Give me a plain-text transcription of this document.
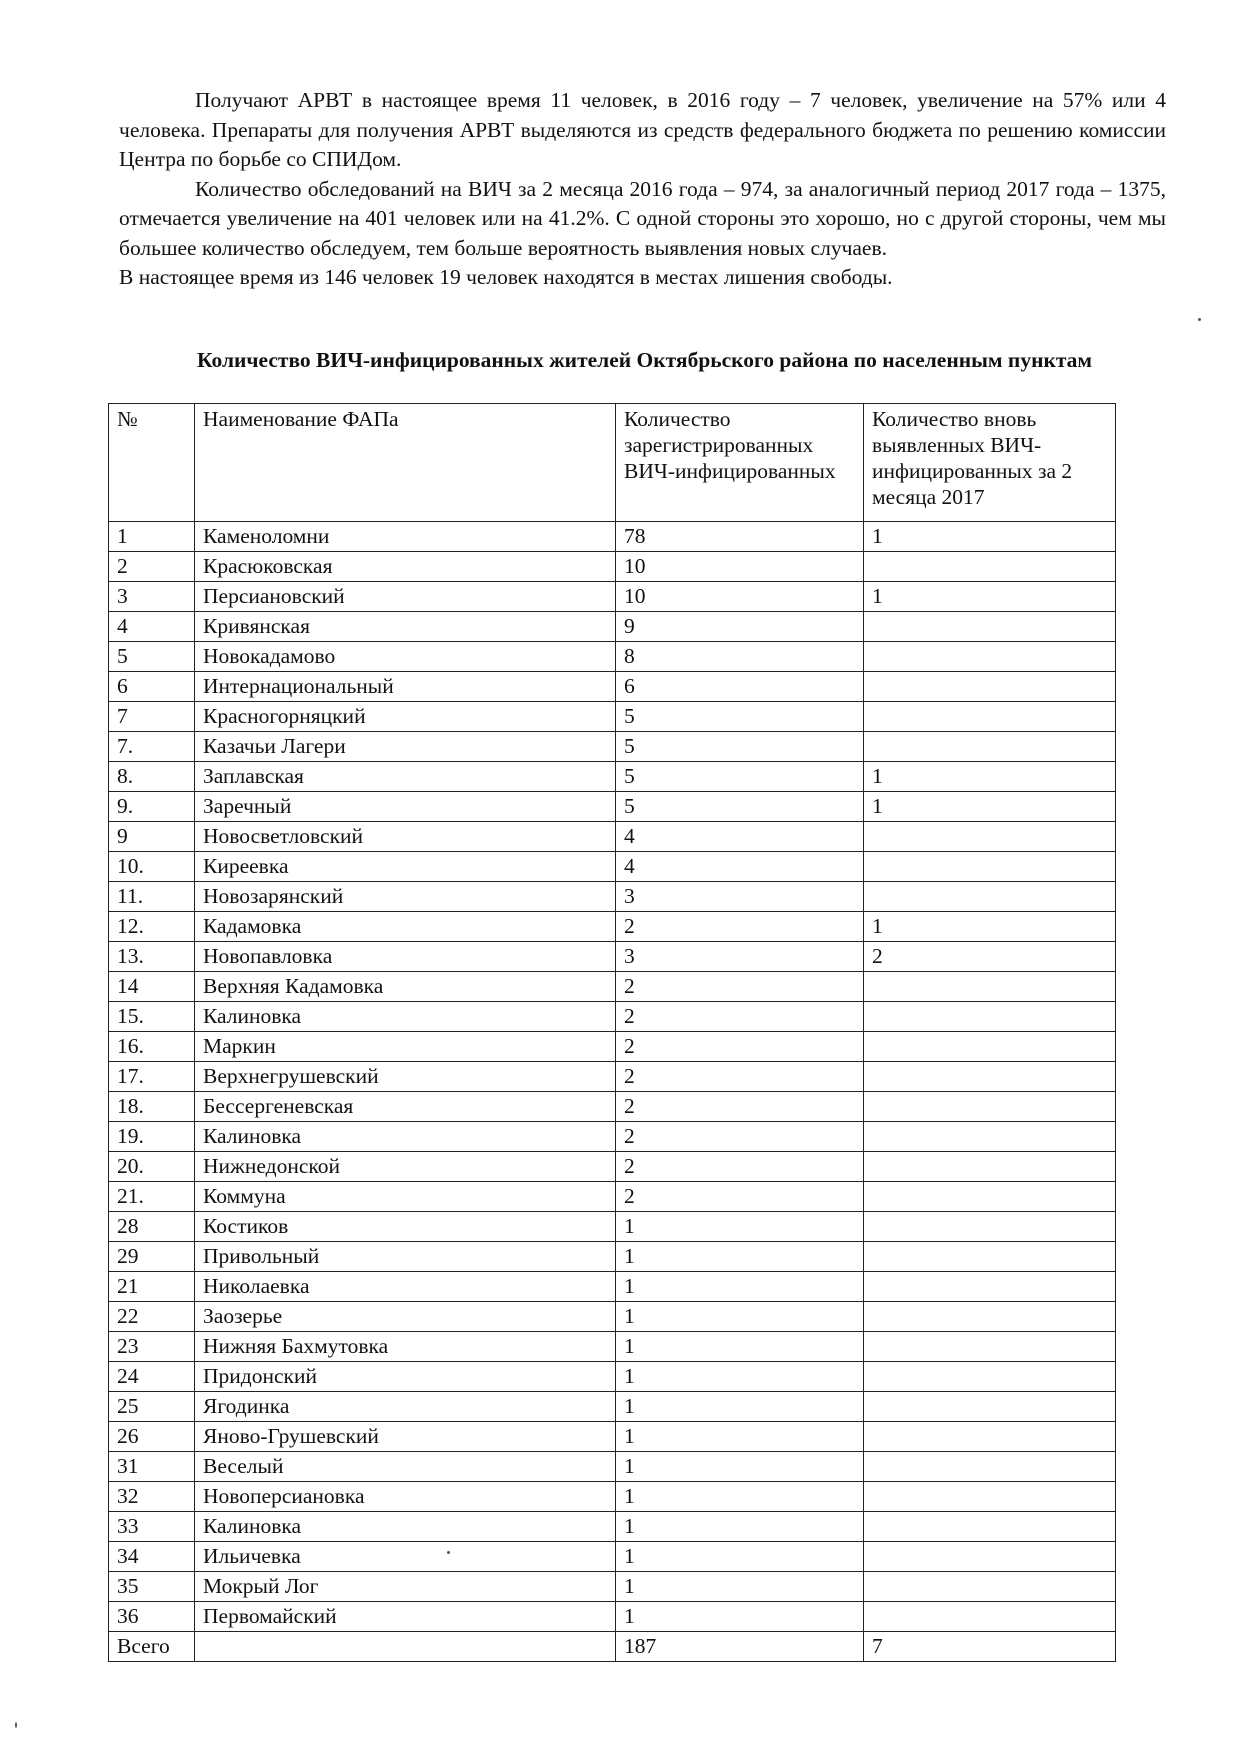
Получают АРВТ в настоящее время 11 человек, в 2016 году – 7 человек, увеличение на 57% или 4 человека. Препараты для получения АРВТ выделяются из средств федерального бюджета по решению комиссии Центра по борьбе со СПИДом.

Количество обследований на ВИЧ за 2 месяца 2016 года – 974, за аналогичный период 2017 года – 1375, отмечается увеличение на 401 человек или на 41.2%. С одной стороны это хорошо, но с другой стороны, чем мы большее количество обследуем, тем больше вероятность выявления новых случаев.

В настоящее время из 146 человек 19 человек находятся в местах лишения свободы.

Количество ВИЧ-инфицированных жителей Октябрьского района по населенным пунктам
№	Наименование ФАПа	Количество зарегистрированных ВИЧ-инфицированных	Количество вновь выявленных ВИЧ-инфицированных за 2 месяца 2017
1	Каменоломни	78	1
2	Красюковская	10	
3	Персиановский	10	1
4	Кривянская	9	
5	Новокадамово	8	
6	Интернациональный	6	
7	Красногорняцкий	5	
7.	Казачьи Лагери	5	
8.	Заплавская	5	1
9.	Заречный	5	1
9	Новосветловский	4	
10.	Киреевка	4	
11.	Новозарянский	3	
12.	Кадамовка	2	1
13.	Новопавловка	3	2
14	Верхняя Кадамовка	2	
15.	Калиновка	2	
16.	Маркин	2	
17.	Верхнегрушевский	2	
18.	Бессергеневская	2	
19.	Калиновка	2	
20.	Нижнедонской	2	
21.	Коммуна	2	
28	Костиков	1	
29	Привольный	1	
21	Николаевка	1	
22	Заозерье	1	
23	Нижняя Бахмутовка	1	
24	Придонский	1	
25	Ягодинка	1	
26	Яново-Грушевский	1	
31	Веселый	1	
32	Новоперсиановка	1	
33	Калиновка	1	
34	Ильичевка	1	
35	Мокрый Лог	1	
36	Первомайский	1	
Всего		187	7
